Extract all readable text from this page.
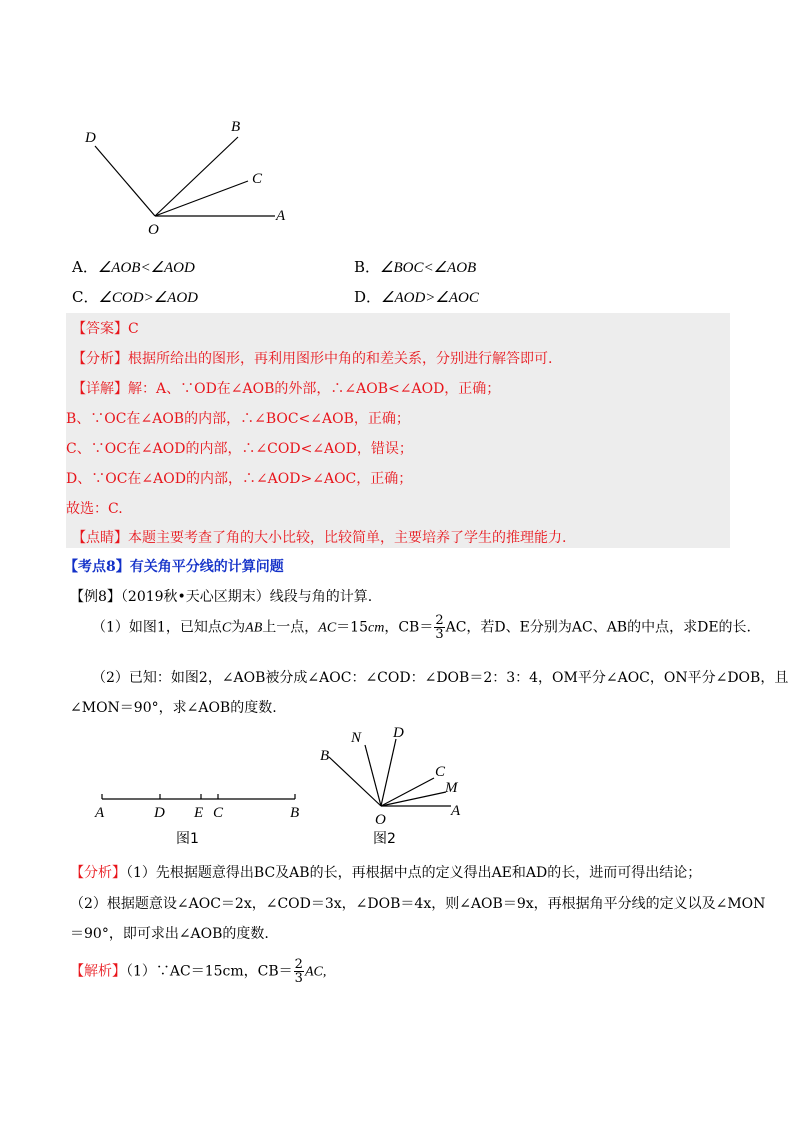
D
B
C
O
A
A．∠AOB<∠AOD	B．∠BOC<∠AOB
C．∠COD>∠AOD	D．∠AOD>∠AOC
【答案】C
【分析】根据所给出的图形，再利用图形中角的和差关系，分别进行解答即可.
【详解】解：A、∵OD在∠AOB的外部，∴∠AOB<∠AOD，正确；
B、∵OC在∠AOB的内部，∴∠BOC<∠AOB，正确；
C、∵OC在∠AOD的内部，∴∠COD<∠AOD，错误；
D、∵OC在∠AOD的内部，∴∠AOD>∠AOC，正确；
故选：C.
【点睛】本题主要考查了角的大小比较，比较简单，主要培养了学生的推理能力.
【考点8】有关角平分线的计算问题
【例8】（2019秋•天心区期末）线段与角的计算.
（1）如图1，已知点C为AB上一点，AC＝15cm，$CB= \frac{2}{3}$ AC，若D、E分别为AC、AB的中点，求DE的长.
（2）已知：如图2，∠AOB被分成∠AOC：∠COD：∠DOB＝2：3：4，OM平分∠AOC，ON平分∠DOB，且
∠MON＝90°，求∠AOB的度数.
A	D E C	B
图1
N D
B
C
M
O
A
图2
【分析】（1）先根据题意得出BC及AB的长，再根据中点的定义得出AE和AD的长，进而可得出结论；
（2）根据题意设∠AOC＝2x，∠COD＝3x，∠DOB＝4x，则∠AOB＝9x，再根据角平分线的定义以及∠MON
＝90°，即可求出∠AOB的度数.
【解析】（1）∵AC＝15cm，$CB= \frac{2}{3}$ AC,
